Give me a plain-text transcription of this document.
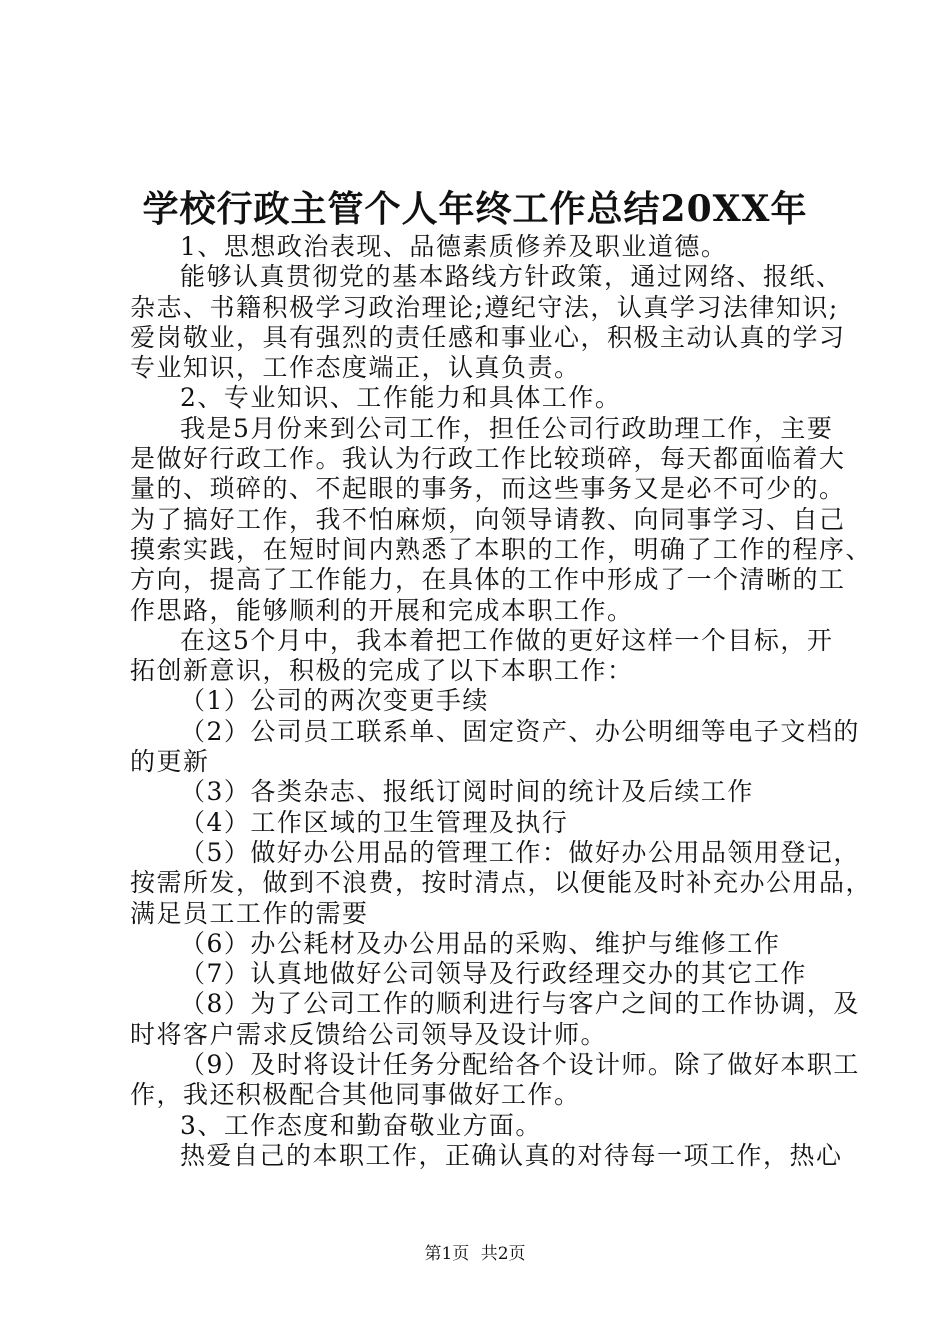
学校行政主管个人年终工作总结20XX年
1、思想政治表现、品德素质修养及职业道德。
能够认真贯彻党的基本路线方针政策，通过网络、报纸、
杂志、书籍积极学习政治理论;遵纪守法，认真学习法律知识;
爱岗敬业，具有强烈的责任感和事业心，积极主动认真的学习
专业知识，工作态度端正，认真负责。
2、专业知识、工作能力和具体工作。
我是5月份来到公司工作，担任公司行政助理工作，主要
是做好行政工作。我认为行政工作比较琐碎，每天都面临着大
量的、琐碎的、不起眼的事务，而这些事务又是必不可少的。
为了搞好工作，我不怕麻烦，向领导请教、向同事学习、自己
摸索实践，在短时间内熟悉了本职的工作，明确了工作的程序、
方向，提高了工作能力，在具体的工作中形成了一个清晰的工
作思路，能够顺利的开展和完成本职工作。
在这5个月中，我本着把工作做的更好这样一个目标，开
拓创新意识，积极的完成了以下本职工作：
（1）公司的两次变更手续
（2）公司员工联系单、固定资产、办公明细等电子文档的
的更新
（3）各类杂志、报纸订阅时间的统计及后续工作
（4）工作区域的卫生管理及执行
（5）做好办公用品的管理工作：做好办公用品领用登记，
按需所发，做到不浪费，按时清点，以便能及时补充办公用品，
满足员工工作的需要
（6）办公耗材及办公用品的采购、维护与维修工作
（7）认真地做好公司领导及行政经理交办的其它工作
（8）为了公司工作的顺利进行与客户之间的工作协调，及
时将客户需求反馈给公司领导及设计师。
（9）及时将设计任务分配给各个设计师。除了做好本职工
作，我还积极配合其他同事做好工作。
3、工作态度和勤奋敬业方面。
热爱自己的本职工作，正确认真的对待每一项工作，热心
第1页 共2页
